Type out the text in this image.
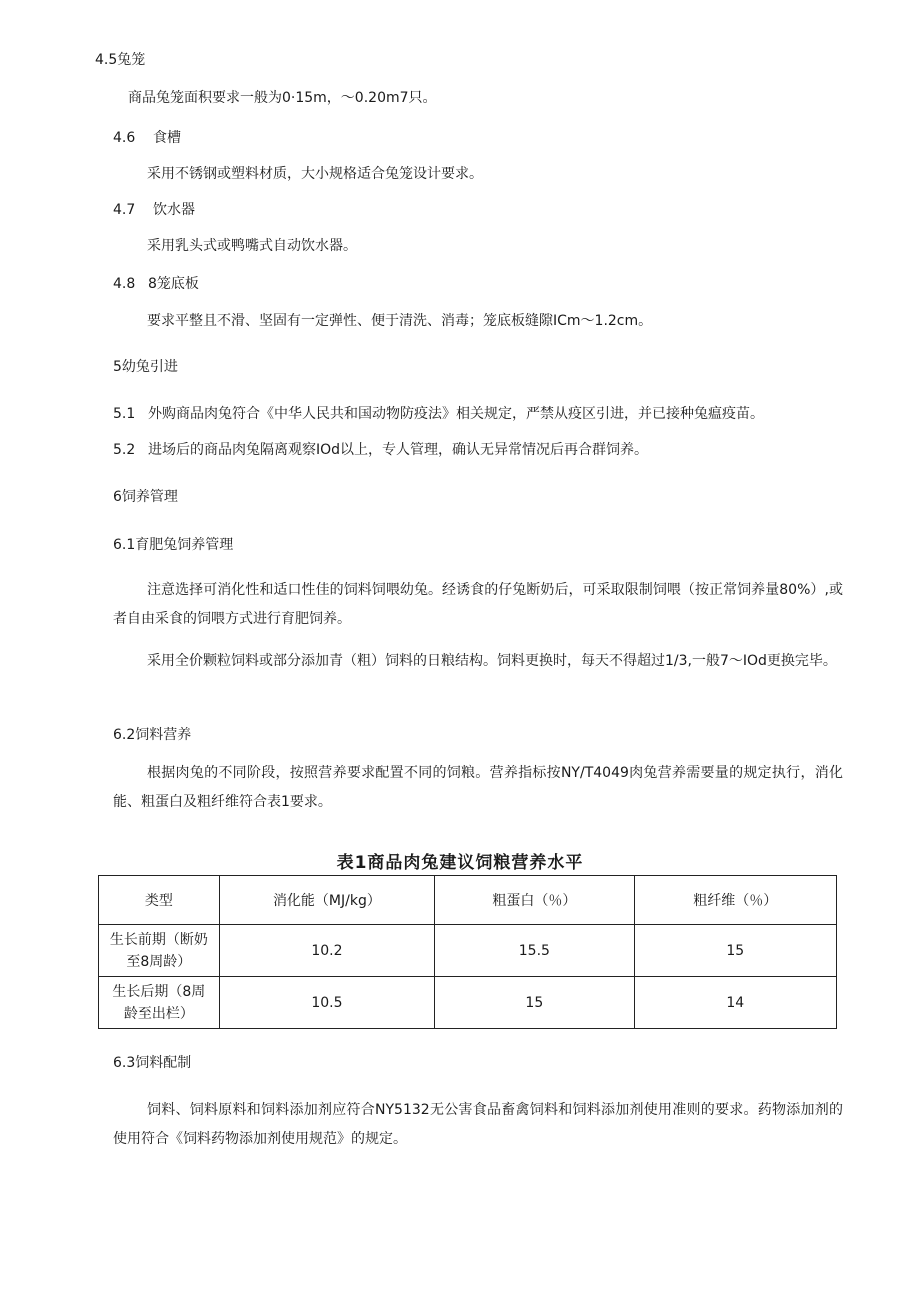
4.5兔笼
商品兔笼面积要求一般为0·15m，～0.20m7只。
4.6 食槽
采用不锈钢或塑料材质，大小规格适合兔笼设计要求。
4.7 饮水器
采用乳头式或鸭嘴式自动饮水器。
4.8 8笼底板
要求平整且不滑、坚固有一定弹性、便于清洗、消毒；笼底板缝隙ICm～1.2cm。
5幼兔引进
5.1 外购商品肉兔符合《中华人民共和国动物防疫法》相关规定，严禁从疫区引进，并已接种兔瘟疫苗。
5.2 进场后的商品肉兔隔离观察IOd以上，专人管理，确认无异常情况后再合群饲养。
6饲养管理
6.1育肥兔饲养管理
注意选择可消化性和适口性佳的饲料饲喂幼兔。经诱食的仔兔断奶后，可采取限制饲喂（按正常饲养量80%）,或者自由采食的饲喂方式进行育肥饲养。
采用全价颗粒饲料或部分添加青（粗）饲料的日粮结构。饲料更换时，每天不得超过1/3,一般7～IOd更换完毕。
6.2饲料营养
根据肉兔的不同阶段，按照营养要求配置不同的饲粮。营养指标按NY/T4049肉兔营养需要量的规定执行，消化能、粗蛋白及粗纤维符合表1要求。
表1商品肉兔建议饲粮营养水平
类型	消化能（MJ/kg）	粗蛋白（％）	粗纤维（％）

生长前期（断奶
至8周龄）	10.2	15.5	15

生长后期（8周
龄至出栏）	10.5	15	14
6.3饲料配制
饲料、饲料原料和饲料添加剂应符合NY5132无公害食品畜禽饲料和饲料添加剂使用准则的要求。药物添加剂的使用符合《饲料药物添加剂使用规范》的规定。
